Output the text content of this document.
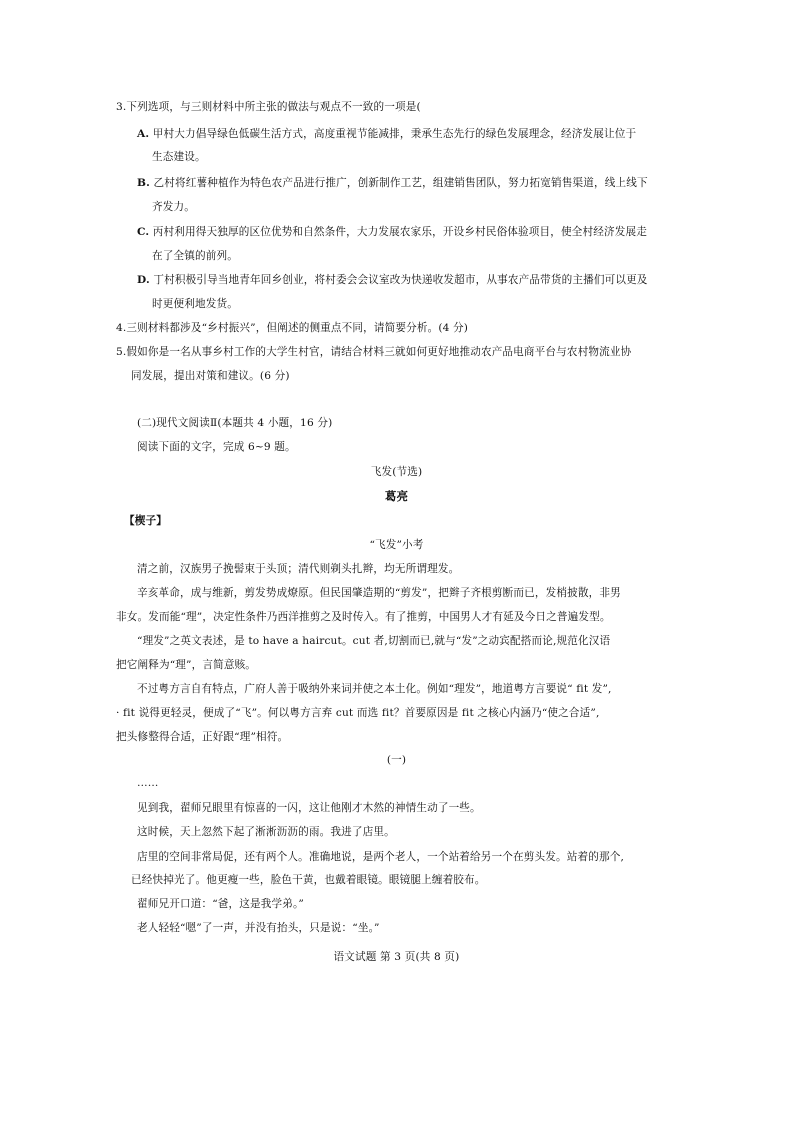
3.下列选项，与三则材料中所主张的做法与观点不一致的一项是(
A. 甲村大力倡导绿色低碳生活方式，高度重视节能减排，秉承生态先行的绿色发展理念，经济发展让位于
生态建设。
B. 乙村将红薯种植作为特色农产品进行推广，创新制作工艺，组建销售团队，努力拓宽销售渠道，线上线下
齐发力。
C. 丙村利用得天独厚的区位优势和自然条件，大力发展农家乐，开设乡村民俗体验项目，使全村经济发展走
在了全镇的前列。
D. 丁村积极引导当地青年回乡创业，将村委会会议室改为快递收发超市，从事农产品带货的主播们可以更及
时更便利地发货。
4.三则材料都涉及“乡村振兴”，但阐述的侧重点不同，请简要分析。(4 分)
5.假如你是一名从事乡村工作的大学生村官，请结合材料三就如何更好地推动农产品电商平台与农村物流业协
同发展，提出对策和建议。(6 分)
(二)现代文阅读Ⅱ(本题共 4 小题，16 分)
阅读下面的文字，完成 6~9 题。
飞发(节选)
葛亮
【楔子】
“飞发”小考
清之前，汉族男子挽髻束于头顶；清代则剃头扎辫，均无所谓理发。
辛亥革命，成与维新，剪发势成燎原。但民国肇造期的“剪发”，把辫子齐根剪断而已，发梢披散，非男
非女。发而能“理”，决定性条件乃西洋推剪之及时传入。有了推剪，中国男人才有延及今日之普遍发型。
“理发”之英文表述，是 to have a haircut。cut 者,切割而已,就与“发”之动宾配搭而论,规范化汉语
把它阐释为“理”，言简意赅。
不过粤方言自有特点，广府人善于吸纳外来词并使之本土化。例如“理发”，地道粤方言要说“ fit 发”,
· fit 说得更轻灵，便成了“飞”。何以粤方言弃 cut 而选 fit？首要原因是 fit 之核心内涵乃“使之合适”,
把头修整得合适，正好跟“理”相符。
(一)
……
见到我，翟师兄眼里有惊喜的一闪，这让他刚才木然的神情生动了一些。
这时候，天上忽然下起了淅淅沥沥的雨。我进了店里。
店里的空间非常局促，还有两个人。准确地说，是两个老人，一个站着给另一个在剪头发。站着的那个,
已经快掉光了。他更瘦一些，脸色干黄，也戴着眼镜。眼镜腿上缠着胶布。
翟师兄开口道：“爸，这是我学弟。”
老人轻轻“嗯”了一声，并没有抬头，只是说：“坐。”
语文试题 第 3 页(共 8 页)
